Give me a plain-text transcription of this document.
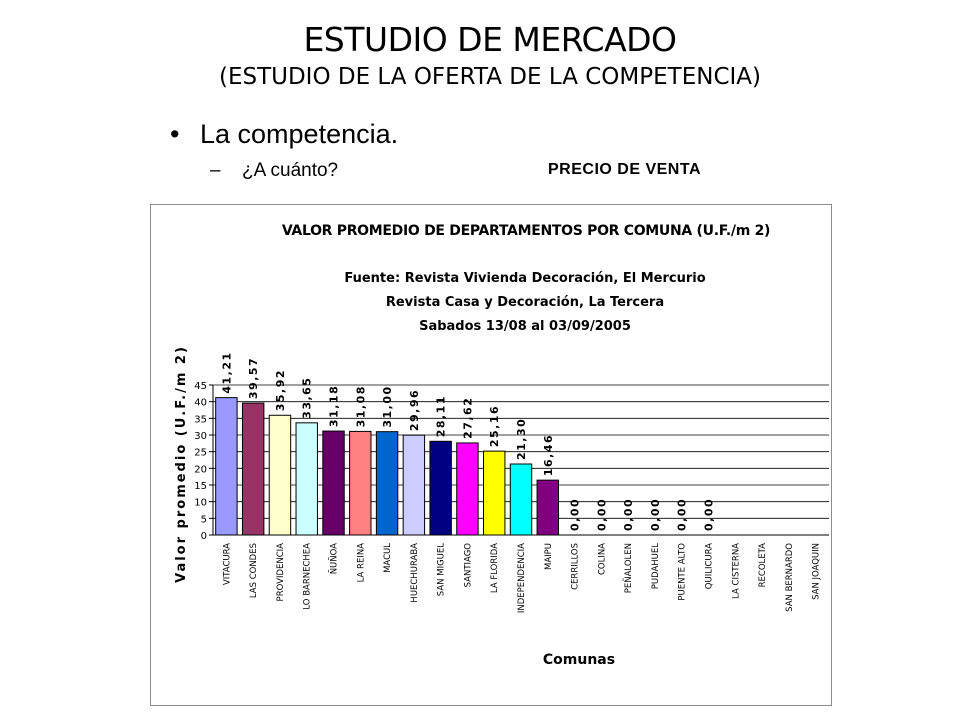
ESTUDIO DE MERCADO
(ESTUDIO DE LA OFERTA DE LA COMPETENCIA)
• La competencia.
– ¿A cuánto?	PRECIO DE VENTA
VALOR PROMEDIO DE DEPARTAMENTOS POR COMUNA (U.F./m 2)
Fuente: Revista Vivienda Decoración, El Mercurio
Revista Casa y Decoración, La Tercera
Sabados 13/08 al 03/09/2005
Valor promedio (U.F./m 2)
Comunas
41,21
VITACURA
39,57
LAS CONDES
35,92
PROVIDENCIA
33,65
LO BARNECHEA
31,18
ÑUÑOA
31,08
LA REINA
31,00
MACUL
29,96
HUECHURABA
28,11
SAN MIGUEL
27,62
SANTIAGO
25,16
LA FLORIDA
21,30
INDEPENDENCIA
16,46
MAIPU
0,00
CERRILLOS
0,00
COLINA
0,00
PEÑALOLEN
0,00
PUDAHUEL
0,00
PUENTE ALTO
0,00
QUILICURA LA CISTERNA RECOLETA SAN BERNARDO SAN JOAQUIN
0
5
10
15
20
25
30
35
40
45
